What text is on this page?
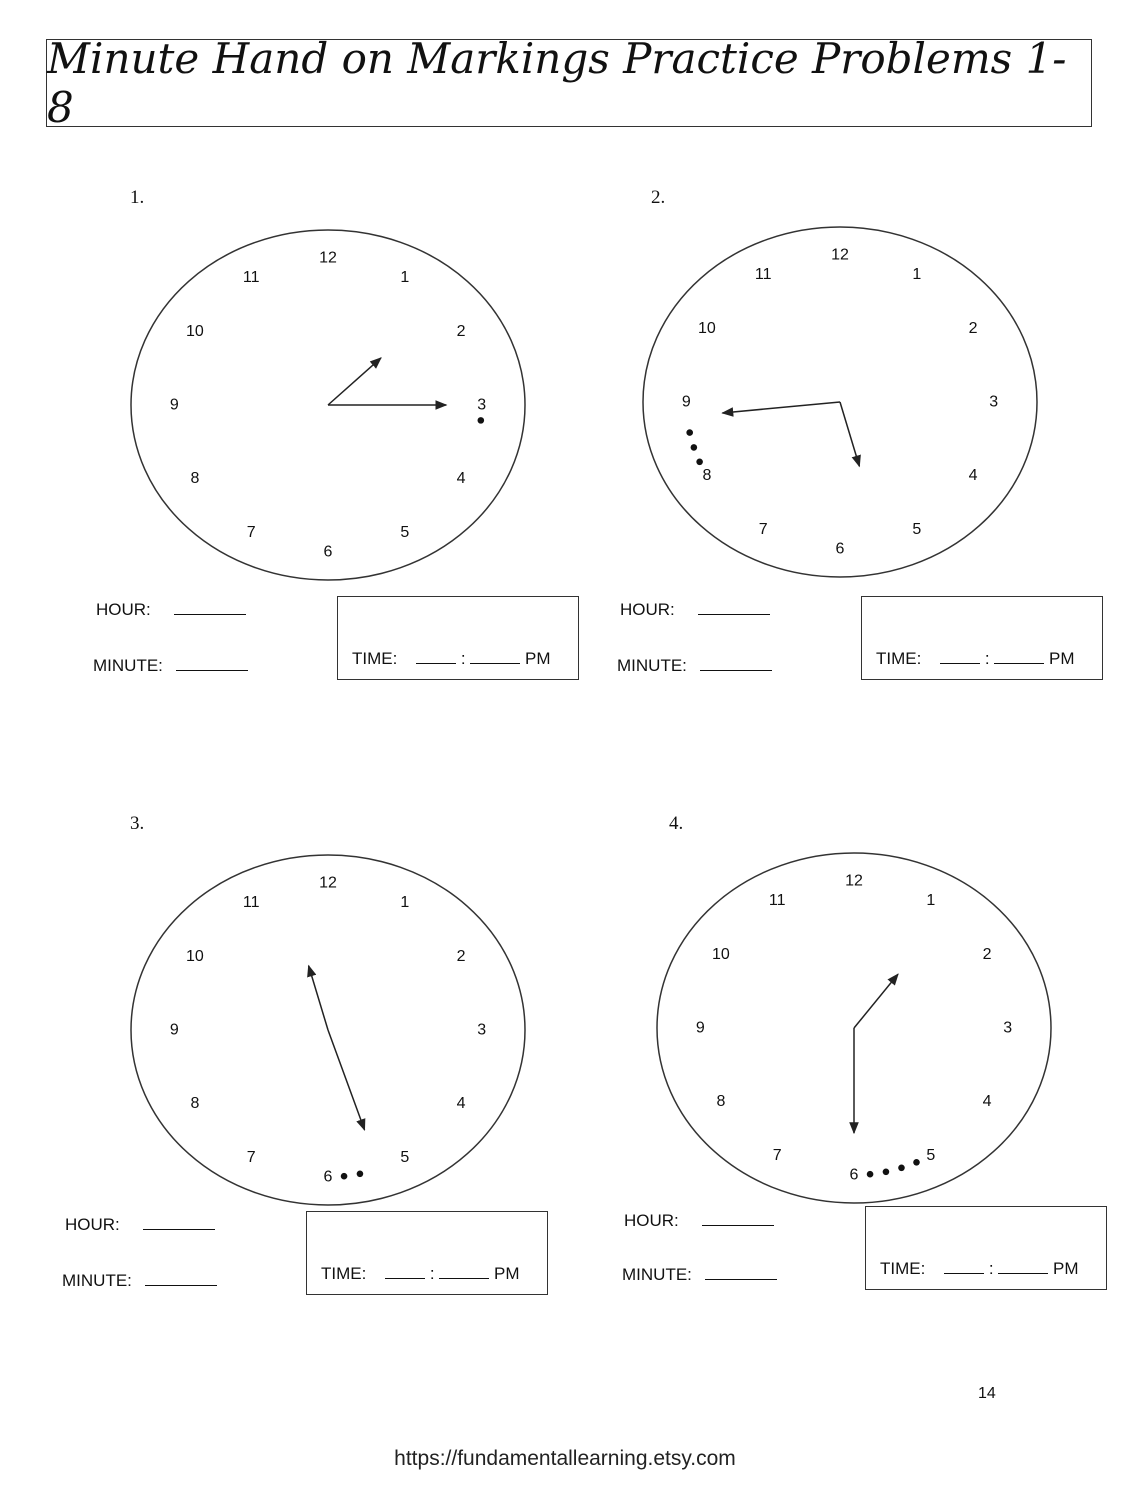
Minute Hand on Markings Practice Problems 1-8
1.
12
1
2
3
4
5
6
7
8
9
10
11
HOUR:
MINUTE:	TIME:	:	PM
2.
12
1
2
3
4
5
6
7
8
9
10
11
HOUR:
MINUTE:	TIME:	:	PM
3.
12
1
2
3
4
5
6
7
8
9
10
11
HOUR:
MINUTE:	TIME:	:	PM
4.
12
1
2
3
4
5
6
7
8
9
10
11
HOUR:
MINUTE:	TIME:	:	PM
14
https://fundamentallearning.etsy.com
